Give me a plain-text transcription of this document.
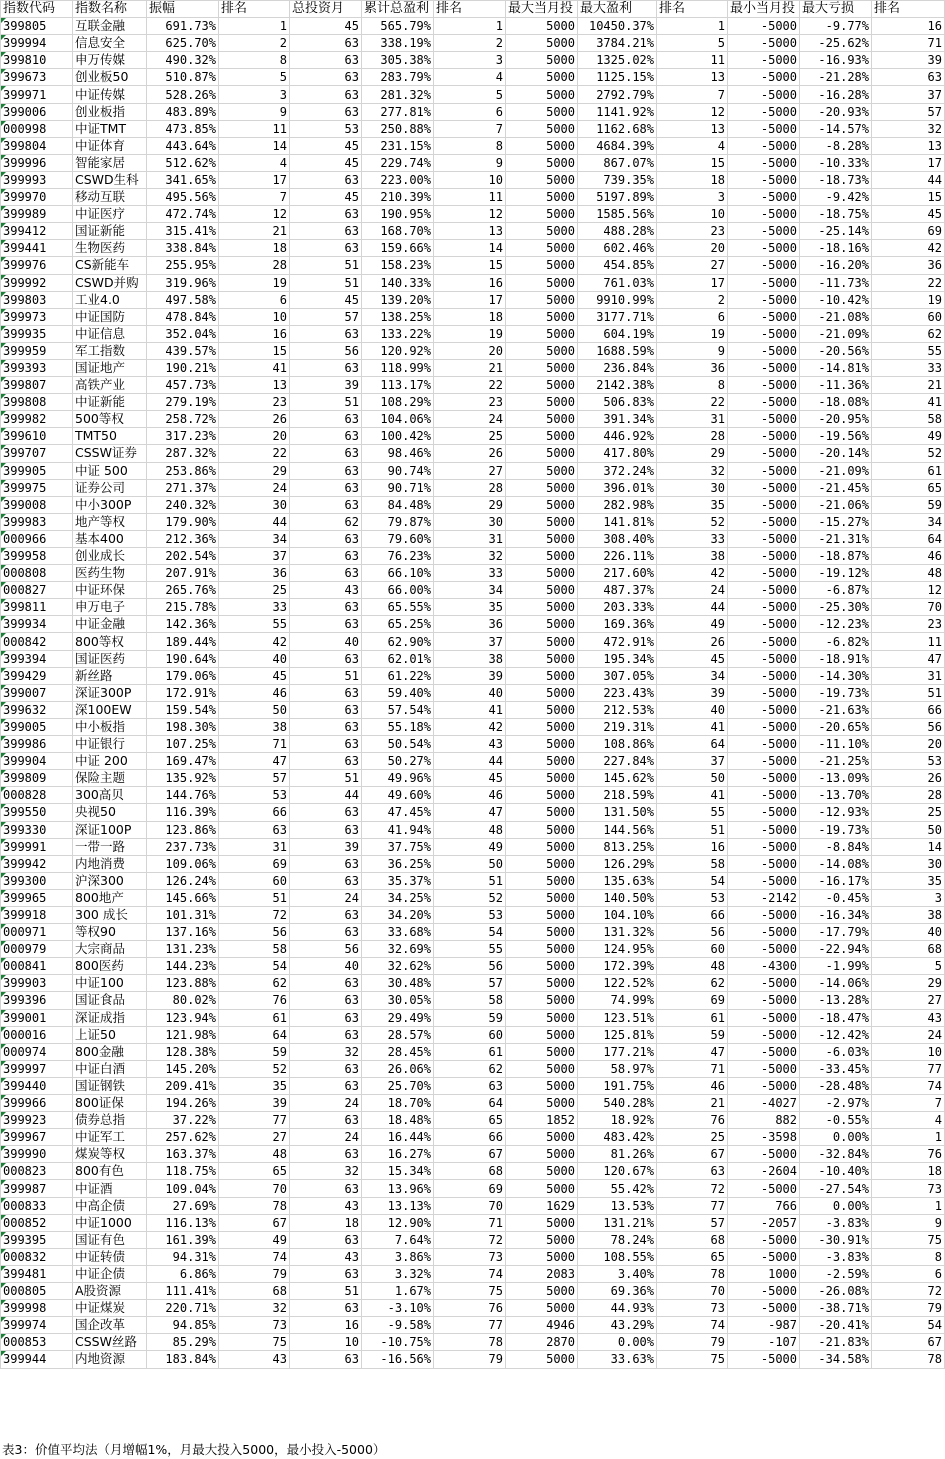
指数代码	指数名称	振幅	排名	总投资月	累计总盈利	排名	最大当月投	最大盈利	排名	最小当月投	最大亏损	排名
399805	互联金融	691.73%	1	45	565.79%	1	5000	10450.37%	1	-5000	-9.77%	16
399994	信息安全	625.70%	2	63	338.19%	2	5000	3784.21%	5	-5000	-25.62%	71
399810	申万传媒	490.32%	8	63	305.38%	3	5000	1325.02%	11	-5000	-16.93%	39
399673	创业板50	510.87%	5	63	283.79%	4	5000	1125.15%	13	-5000	-21.28%	63
399971	中证传媒	528.26%	3	63	281.32%	5	5000	2792.79%	7	-5000	-16.28%	37
399006	创业板指	483.89%	9	63	277.81%	6	5000	1141.92%	12	-5000	-20.93%	57
000998	中证TMT	473.85%	11	53	250.88%	7	5000	1162.68%	13	-5000	-14.57%	32
399804	中证体育	443.64%	14	45	231.15%	8	5000	4684.39%	4	-5000	-8.28%	13
399996	智能家居	512.62%	4	45	229.74%	9	5000	867.07%	15	-5000	-10.33%	17
399993	CSWD生科	341.65%	17	63	223.00%	10	5000	739.35%	18	-5000	-18.73%	44
399970	移动互联	495.56%	7	45	210.39%	11	5000	5197.89%	3	-5000	-9.42%	15
399989	中证医疗	472.74%	12	63	190.95%	12	5000	1585.56%	10	-5000	-18.75%	45
399412	国证新能	315.41%	21	63	168.70%	13	5000	488.28%	23	-5000	-25.14%	69
399441	生物医药	338.84%	18	63	159.66%	14	5000	602.46%	20	-5000	-18.16%	42
399976	CS新能车	255.95%	28	51	158.23%	15	5000	454.85%	27	-5000	-16.20%	36
399992	CSWD并购	319.96%	19	51	140.33%	16	5000	761.03%	17	-5000	-11.73%	22
399803	工业4.0	497.58%	6	45	139.20%	17	5000	9910.99%	2	-5000	-10.42%	19
399973	中证国防	478.84%	10	57	138.25%	18	5000	3177.71%	6	-5000	-21.08%	60
399935	中证信息	352.04%	16	63	133.22%	19	5000	604.19%	19	-5000	-21.09%	62
399959	军工指数	439.57%	15	56	120.92%	20	5000	1688.59%	9	-5000	-20.56%	55
399393	国证地产	190.21%	41	63	118.99%	21	5000	236.84%	36	-5000	-14.81%	33
399807	高铁产业	457.73%	13	39	113.17%	22	5000	2142.38%	8	-5000	-11.36%	21
399808	中证新能	279.19%	23	51	108.29%	23	5000	506.83%	22	-5000	-18.08%	41
399982	500等权	258.72%	26	63	104.06%	24	5000	391.34%	31	-5000	-20.95%	58
399610	TMT50	317.23%	20	63	100.42%	25	5000	446.92%	28	-5000	-19.56%	49
399707	CSSW证券	287.32%	22	63	98.46%	26	5000	417.80%	29	-5000	-20.14%	52
399905	中证 500	253.86%	29	63	90.74%	27	5000	372.24%	32	-5000	-21.09%	61
399975	证券公司	271.37%	24	63	90.71%	28	5000	396.01%	30	-5000	-21.45%	65
399008	中小300P	240.32%	30	63	84.48%	29	5000	282.98%	35	-5000	-21.06%	59
399983	地产等权	179.90%	44	62	79.87%	30	5000	141.81%	52	-5000	-15.27%	34
000966	基本400	212.36%	34	63	79.60%	31	5000	308.40%	33	-5000	-21.31%	64
399958	创业成长	202.54%	37	63	76.23%	32	5000	226.11%	38	-5000	-18.87%	46
000808	医药生物	207.91%	36	63	66.10%	33	5000	217.60%	42	-5000	-19.12%	48
000827	中证环保	265.76%	25	43	66.00%	34	5000	487.37%	24	-5000	-6.87%	12
399811	申万电子	215.78%	33	63	65.55%	35	5000	203.33%	44	-5000	-25.30%	70
399934	中证金融	142.36%	55	63	65.25%	36	5000	169.36%	49	-5000	-12.23%	23
000842	800等权	189.44%	42	40	62.90%	37	5000	472.91%	26	-5000	-6.82%	11
399394	国证医药	190.64%	40	63	62.01%	38	5000	195.34%	45	-5000	-18.91%	47
399429	新丝路	179.06%	45	51	61.22%	39	5000	307.05%	34	-5000	-14.30%	31
399007	深证300P	172.91%	46	63	59.40%	40	5000	223.43%	39	-5000	-19.73%	51
399632	深100EW	159.54%	50	63	57.54%	41	5000	212.53%	40	-5000	-21.63%	66
399005	中小板指	198.30%	38	63	55.18%	42	5000	219.31%	41	-5000	-20.65%	56
399986	中证银行	107.25%	71	63	50.54%	43	5000	108.86%	64	-5000	-11.10%	20
399904	中证 200	169.47%	47	63	50.27%	44	5000	227.84%	37	-5000	-21.25%	53
399809	保险主题	135.92%	57	51	49.96%	45	5000	145.62%	50	-5000	-13.09%	26
000828	300高贝	144.76%	53	44	49.60%	46	5000	218.59%	41	-5000	-13.70%	28
399550	央视50	116.39%	66	63	47.45%	47	5000	131.50%	55	-5000	-12.93%	25
399330	深证100P	123.86%	63	63	41.94%	48	5000	144.56%	51	-5000	-19.73%	50
399991	一带一路	237.73%	31	39	37.75%	49	5000	813.25%	16	-5000	-8.84%	14
399942	内地消费	109.06%	69	63	36.25%	50	5000	126.29%	58	-5000	-14.08%	30
399300	沪深300	126.24%	60	63	35.37%	51	5000	135.63%	54	-5000	-16.17%	35
399965	800地产	145.66%	51	24	34.25%	52	5000	140.50%	53	-2142	-0.45%	3
399918	300 成长	101.31%	72	63	34.20%	53	5000	104.10%	66	-5000	-16.34%	38
000971	等权90	137.16%	56	63	33.68%	54	5000	131.32%	56	-5000	-17.79%	40
000979	大宗商品	131.23%	58	56	32.69%	55	5000	124.95%	60	-5000	-22.94%	68
000841	800医药	144.23%	54	40	32.62%	56	5000	172.39%	48	-4300	-1.99%	5
399903	中证100	123.88%	62	63	30.48%	57	5000	122.52%	62	-5000	-14.06%	29
399396	国证食品	80.02%	76	63	30.05%	58	5000	74.99%	69	-5000	-13.28%	27
399001	深证成指	123.94%	61	63	29.49%	59	5000	123.51%	61	-5000	-18.47%	43
000016	上证50	121.98%	64	63	28.57%	60	5000	125.81%	59	-5000	-12.42%	24
000974	800金融	128.38%	59	32	28.45%	61	5000	177.21%	47	-5000	-6.03%	10
399997	中证白酒	145.20%	52	63	26.06%	62	5000	58.97%	71	-5000	-33.45%	77
399440	国证钢铁	209.41%	35	63	25.70%	63	5000	191.75%	46	-5000	-28.48%	74
399966	800证保	194.26%	39	24	18.70%	64	5000	540.28%	21	-4027	-2.97%	7
399923	债券总指	37.22%	77	63	18.48%	65	1852	18.92%	76	882	-0.55%	4
399967	中证军工	257.62%	27	24	16.44%	66	5000	483.42%	25	-3598	0.00%	1
399990	煤炭等权	163.37%	48	63	16.27%	67	5000	81.26%	67	-5000	-32.84%	76
000823	800有色	118.75%	65	32	15.34%	68	5000	120.67%	63	-2604	-10.40%	18
399987	中证酒	109.04%	70	63	13.96%	69	5000	55.42%	72	-5000	-27.54%	73
000833	中高企债	27.69%	78	43	13.13%	70	1629	13.53%	77	766	0.00%	1
000852	中证1000	116.13%	67	18	12.90%	71	5000	131.21%	57	-2057	-3.83%	9
399395	国证有色	161.39%	49	63	7.64%	72	5000	78.24%	68	-5000	-30.91%	75
000832	中证转债	94.31%	74	43	3.86%	73	5000	108.55%	65	-5000	-3.83%	8
399481	中证企债	6.86%	79	63	3.32%	74	2083	3.40%	78	1000	-2.59%	6
000805	A股资源	111.41%	68	51	1.67%	75	5000	69.36%	70	-5000	-26.08%	72
399998	中证煤炭	220.71%	32	63	-3.10%	76	5000	44.93%	73	-5000	-38.71%	79
399974	国企改革	94.85%	73	16	-9.58%	77	4946	43.29%	74	-987	-20.41%	54
000853	CSSW丝路	85.29%	75	10	-10.75%	78	2870	0.00%	79	-107	-21.83%	67
399944	内地资源	183.84%	43	63	-16.56%	79	5000	33.63%	75	-5000	-34.58%	78
表3：价值平均法（月增幅1%，月最大投入5000，最小投入-5000）
